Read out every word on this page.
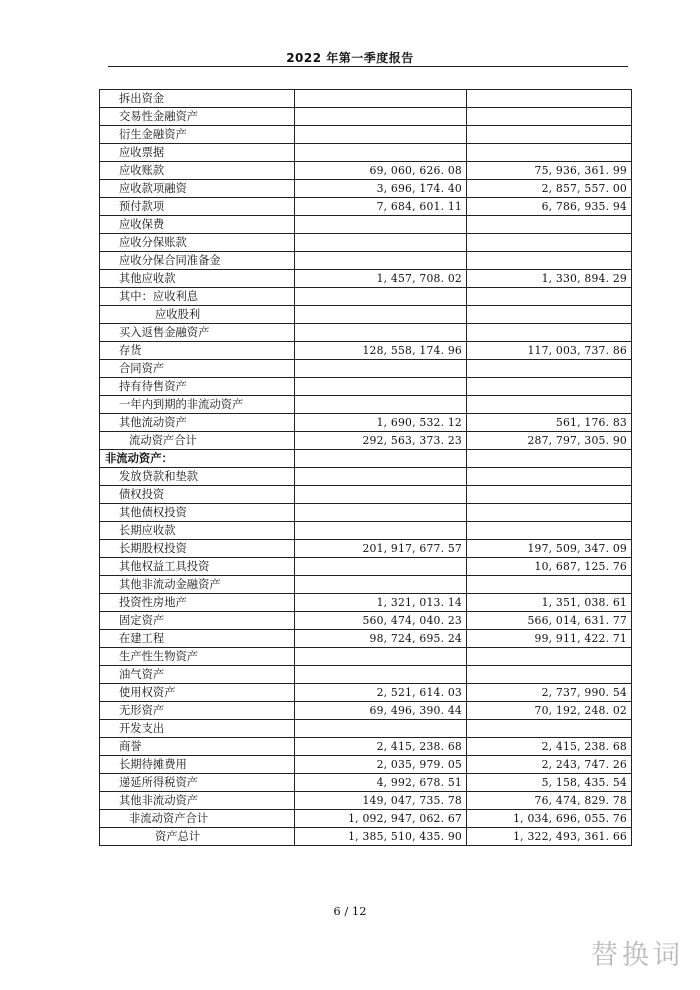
2022 年第一季度报告
拆出资金		
交易性金融资产		
衍生金融资产		
应收票据		
应收账款	69, 060, 626. 08	75, 936, 361. 99
应收款项融资	3, 696, 174. 40	2, 857, 557. 00
预付款项	7, 684, 601. 11	6, 786, 935. 94
应收保费		
应收分保账款		
应收分保合同准备金		
其他应收款	1, 457, 708. 02	1, 330, 894. 29
其中：应收利息		
应收股利		
买入返售金融资产		
存货	128, 558, 174. 96	117, 003, 737. 86
合同资产		
持有待售资产		
一年内到期的非流动资产		
其他流动资产	1, 690, 532. 12	561, 176. 83
流动资产合计	292, 563, 373. 23	287, 797, 305. 90
非流动资产：		
发放贷款和垫款		
债权投资		
其他债权投资		
长期应收款		
长期股权投资	201, 917, 677. 57	197, 509, 347. 09
其他权益工具投资		10, 687, 125. 76
其他非流动金融资产		
投资性房地产	1, 321, 013. 14	1, 351, 038. 61
固定资产	560, 474, 040. 23	566, 014, 631. 77
在建工程	98, 724, 695. 24	99, 911, 422. 71
生产性生物资产		
油气资产		
使用权资产	2, 521, 614. 03	2, 737, 990. 54
无形资产	69, 496, 390. 44	70, 192, 248. 02
开发支出		
商誉	2, 415, 238. 68	2, 415, 238. 68
长期待摊费用	2, 035, 979. 05	2, 243, 747. 26
递延所得税资产	4, 992, 678. 51	5, 158, 435. 54
其他非流动资产	149, 047, 735. 78	76, 474, 829. 78
非流动资产合计	1, 092, 947, 062. 67	1, 034, 696, 055. 76
资产总计	1, 385, 510, 435. 90	1, 322, 493, 361. 66
6 / 12
替换词
